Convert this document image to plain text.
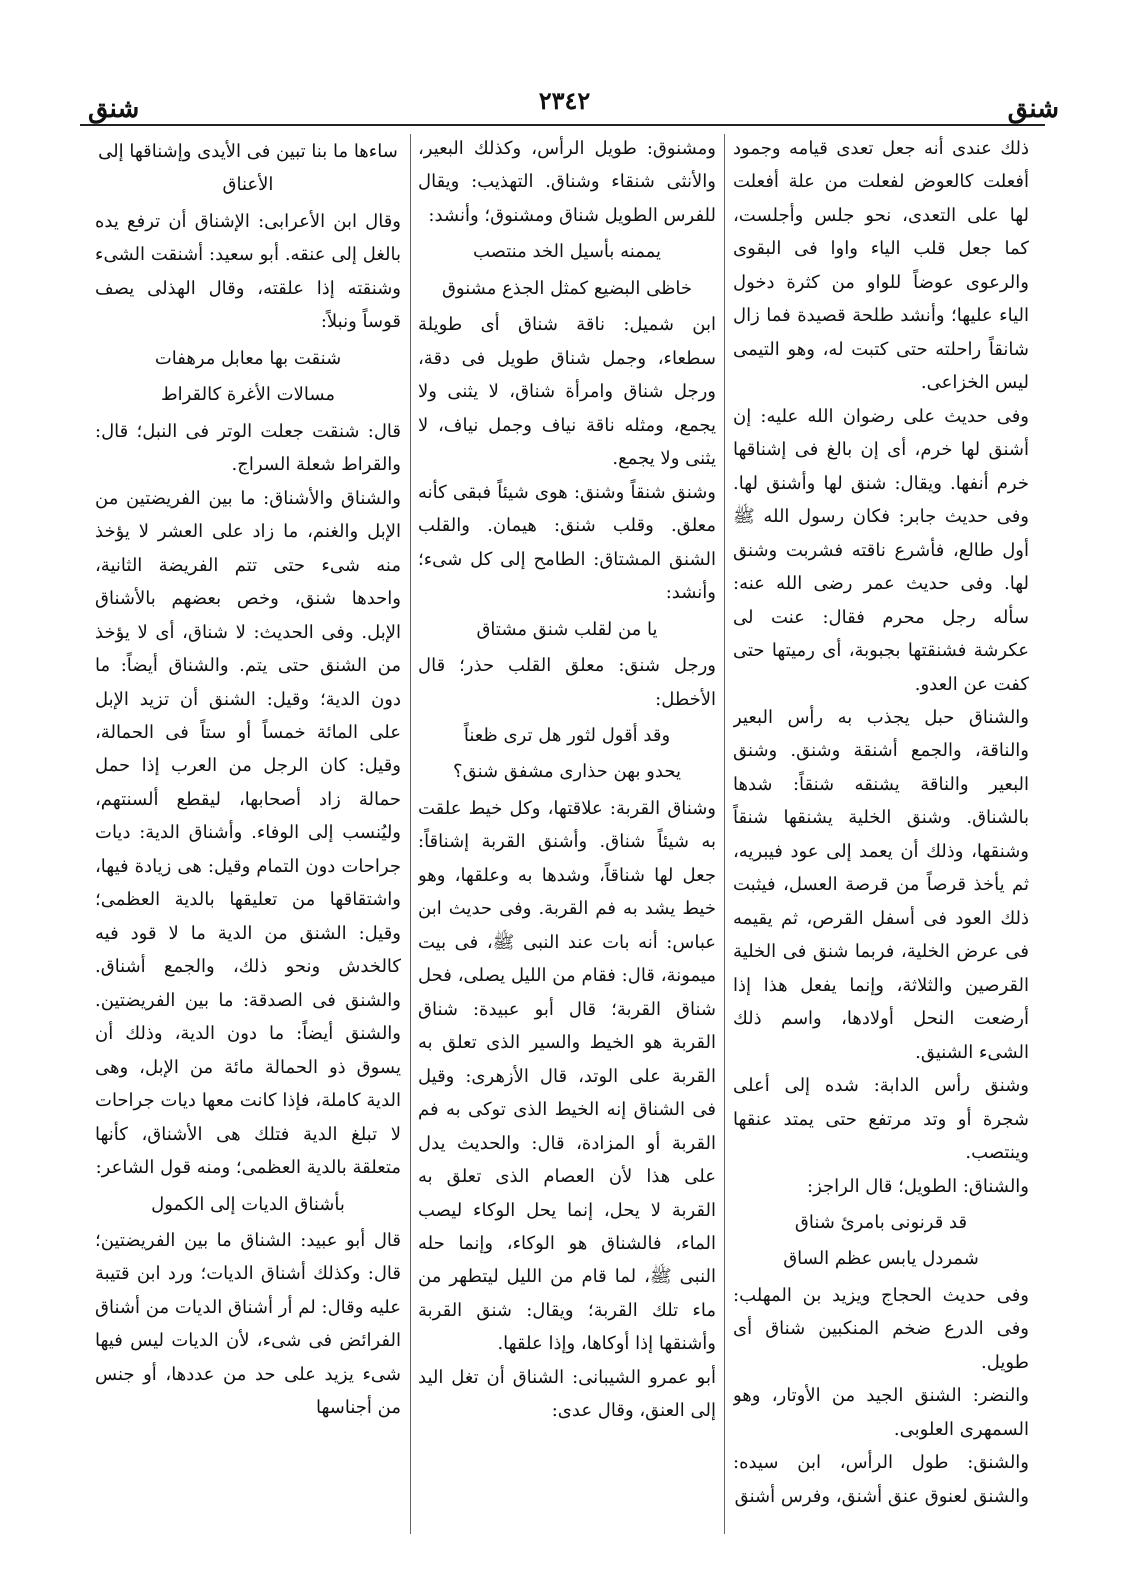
شنق
٢٣٤٢
شنق

ذلك عندى أنه جعل تعدى قيامه وجمود أفعلت كالعوض لفعلت من علة أفعلت لها على التعدى، نحو جلس وأجلست، كما جعل قلب الياء واوا فى البقوى والرعوى عوضاً للواو من كثرة دخول الياء عليها؛ وأنشد طلحة قصيدة فما زال شانقاً راحلته حتى كتبت له، وهو التيمى ليس الخزاعى.

وفى حديث على رضوان الله عليه: إن أشنق لها خرم، أى إن بالغ فى إشناقها خرم أنفها. ويقال: شنق لها وأشنق لها. وفى حديث جابر: فكان رسول الله ﷺ أول طالع، فأشرع ناقته فشربت وشنق لها. وفى حديث عمر رضى الله عنه: سأله رجل محرم فقال: عنت لى عكرشة فشنقتها بجبوبة، أى رميتها حتى كفت عن العدو.

والشناق حبل يجذب به رأس البعير والناقة، والجمع أشنقة وشنق. وشنق البعير والناقة يشنقه شنقاً: شدها بالشناق. وشنق الخلية يشنقها شنقاً وشنقها، وذلك أن يعمد إلى عود فيبريه، ثم يأخذ قرصاً من قرصة العسل، فيثبت ذلك العود فى أسفل القرص، ثم يقيمه فى عرض الخلية، فربما شنق فى الخلية القرصين والثلاثة، وإنما يفعل هذا إذا أرضعت النحل أولادها، واسم ذلك الشىء الشنيق.

وشنق رأس الدابة: شده إلى أعلى شجرة أو وتد مرتفع حتى يمتد عنقها وينتصب.

والشناق: الطويل؛ قال الراجز:

قد قرنونى بامرئ شناق

شمردل يابس عظم الساق

وفى حديث الحجاج ويزيد بن المهلب: وفى الدرع ضخم المنكبين شناق أى طويل.

والنضر: الشنق الجيد من الأوتار، وهو السمهرى العلوبى.

والشنق: طول الرأس، ابن سيده: والشنق لعنوق عنق أشنق، وفرس أشنق

ومشنوق: طويل الرأس، وكذلك البعير، والأنثى شنقاء وشناق. التهذيب: ويقال للفرس الطويل شناق ومشنوق؛ وأنشد:

يممنه بأسيل الخد منتصب

خاظى البضيع كمثل الجذع مشنوق

ابن شميل: ناقة شناق أى طويلة سطعاء، وجمل شناق طويل فى دقة، ورجل شناق وامرأة شناق، لا يثنى ولا يجمع، ومثله ناقة نياف وجمل نياف، لا يثنى ولا يجمع.

وشنق شنقاً وشنق: هوى شيئاً فبقى كأنه معلق. وقلب شنق: هيمان. والقلب الشنق المشتاق: الطامح إلى كل شىء؛ وأنشد:

يا من لقلب شنق مشتاق

ورجل شنق: معلق القلب حذر؛ قال الأخطل:

وقد أقول لثور هل ترى ظعناً

يحدو بهن حذارى مشفق شنق؟

وشناق القربة: علاقتها، وكل خيط علقت به شيئاً شناق. وأشنق القربة إشناقاً: جعل لها شناقاً، وشدها به وعلقها، وهو خيط يشد به فم القربة. وفى حديث ابن عباس: أنه بات عند النبى ﷺ، فى بيت ميمونة، قال: فقام من الليل يصلى، فحل شناق القربة؛ قال أبو عبيدة: شناق القربة هو الخيط والسير الذى تعلق به القربة على الوتد، قال الأزهرى: وقيل فى الشناق إنه الخيط الذى توكى به فم القربة أو المزادة، قال: والحديث يدل على هذا لأن العصام الذى تعلق به القربة لا يحل، إنما يحل الوكاء ليصب الماء، فالشناق هو الوكاء، وإنما حله النبى ﷺ، لما قام من الليل ليتطهر من ماء تلك القربة؛ ويقال: شنق القربة وأشنقها إذا أوكاها، وإذا علقها.

أبو عمرو الشيبانى: الشناق أن تغل اليد إلى العنق، وقال عدى:

ساءها ما بنا تبين فى الأيدى وإشناقها إلى الأعناق

وقال ابن الأعرابى: الإشناق أن ترفع يده بالغل إلى عنقه. أبو سعيد: أشنقت الشىء وشنقته إذا علقته، وقال الهذلى يصف قوساً ونبلاً:

شنقت بها معابل مرهفات

مسالات الأغرة كالقراط

قال: شنقت جعلت الوتر فى النبل؛ قال: والقراط شعلة السراج.

والشناق والأشناق: ما بين الفريضتين من الإبل والغنم، ما زاد على العشر لا يؤخذ منه شىء حتى تتم الفريضة الثانية، واحدها شنق، وخص بعضهم بالأشناق الإبل. وفى الحديث: لا شناق، أى لا يؤخذ من الشنق حتى يتم. والشناق أيضاً: ما دون الدية؛ وقيل: الشنق أن تزيد الإبل على المائة خمساً أو ستاً فى الحمالة، وقيل: كان الرجل من العرب إذا حمل حمالة زاد أصحابها، ليقطع ألسنتهم، وليُنسب إلى الوفاء. وأشناق الدية: ديات جراحات دون التمام وقيل: هى زيادة فيها، واشتقاقها من تعليقها بالدية العظمى؛ وقيل: الشنق من الدية ما لا قود فيه كالخدش ونحو ذلك، والجمع أشناق. والشنق فى الصدقة: ما بين الفريضتين. والشنق أيضاً: ما دون الدية، وذلك أن يسوق ذو الحمالة مائة من الإبل، وهى الدية كاملة، فإذا كانت معها ديات جراحات لا تبلغ الدية فتلك هى الأشناق، كأنها متعلقة بالدية العظمى؛ ومنه قول الشاعر:

بأشناق الديات إلى الكمول

قال أبو عبيد: الشناق ما بين الفريضتين؛ قال: وكذلك أشناق الديات؛ ورد ابن قتيبة عليه وقال: لم أر أشناق الديات من أشناق الفرائض فى شىء، لأن الديات ليس فيها شىء يزيد على حد من عددها، أو جنس من أجناسها
